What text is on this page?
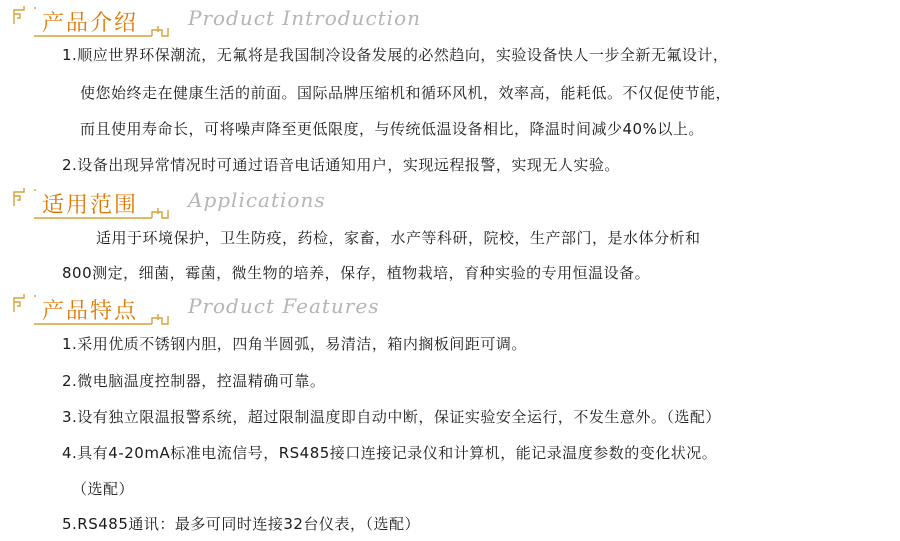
产品介绍 Product Introduction
1.顺应世界环保潮流，无氟将是我国制冷设备发展的必然趋向，实验设备快人一步全新无氟设计，
使您始终走在健康生活的前面。国际品牌压缩机和循环风机，效率高，能耗低。不仅促使节能，
而且使用寿命长，可将噪声降至更低限度，与传统低温设备相比，降温时间减少40%以上。
2.设备出现异常情况时可通过语音电话通知用户，实现远程报警，实现无人实验。
适用范围 Applications
适用于环境保护，卫生防疫，药检，家畜，水产等科研，院校，生产部门，是水体分析和
800测定，细菌，霉菌，微生物的培养，保存，植物栽培，育种实验的专用恒温设备。
产品特点 Product Features
1.采用优质不锈钢内胆，四角半圆弧，易清洁，箱内搁板间距可调。
2.微电脑温度控制器，控温精确可靠。
3.设有独立限温报警系统，超过限制温度即自动中断，保证实验安全运行，不发生意外。（选配）
4.具有4-20mA标准电流信号，RS485接口连接记录仪和计算机，能记录温度参数的变化状况。
（选配）
5.RS485通讯：最多可同时连接32台仪表，（选配）
